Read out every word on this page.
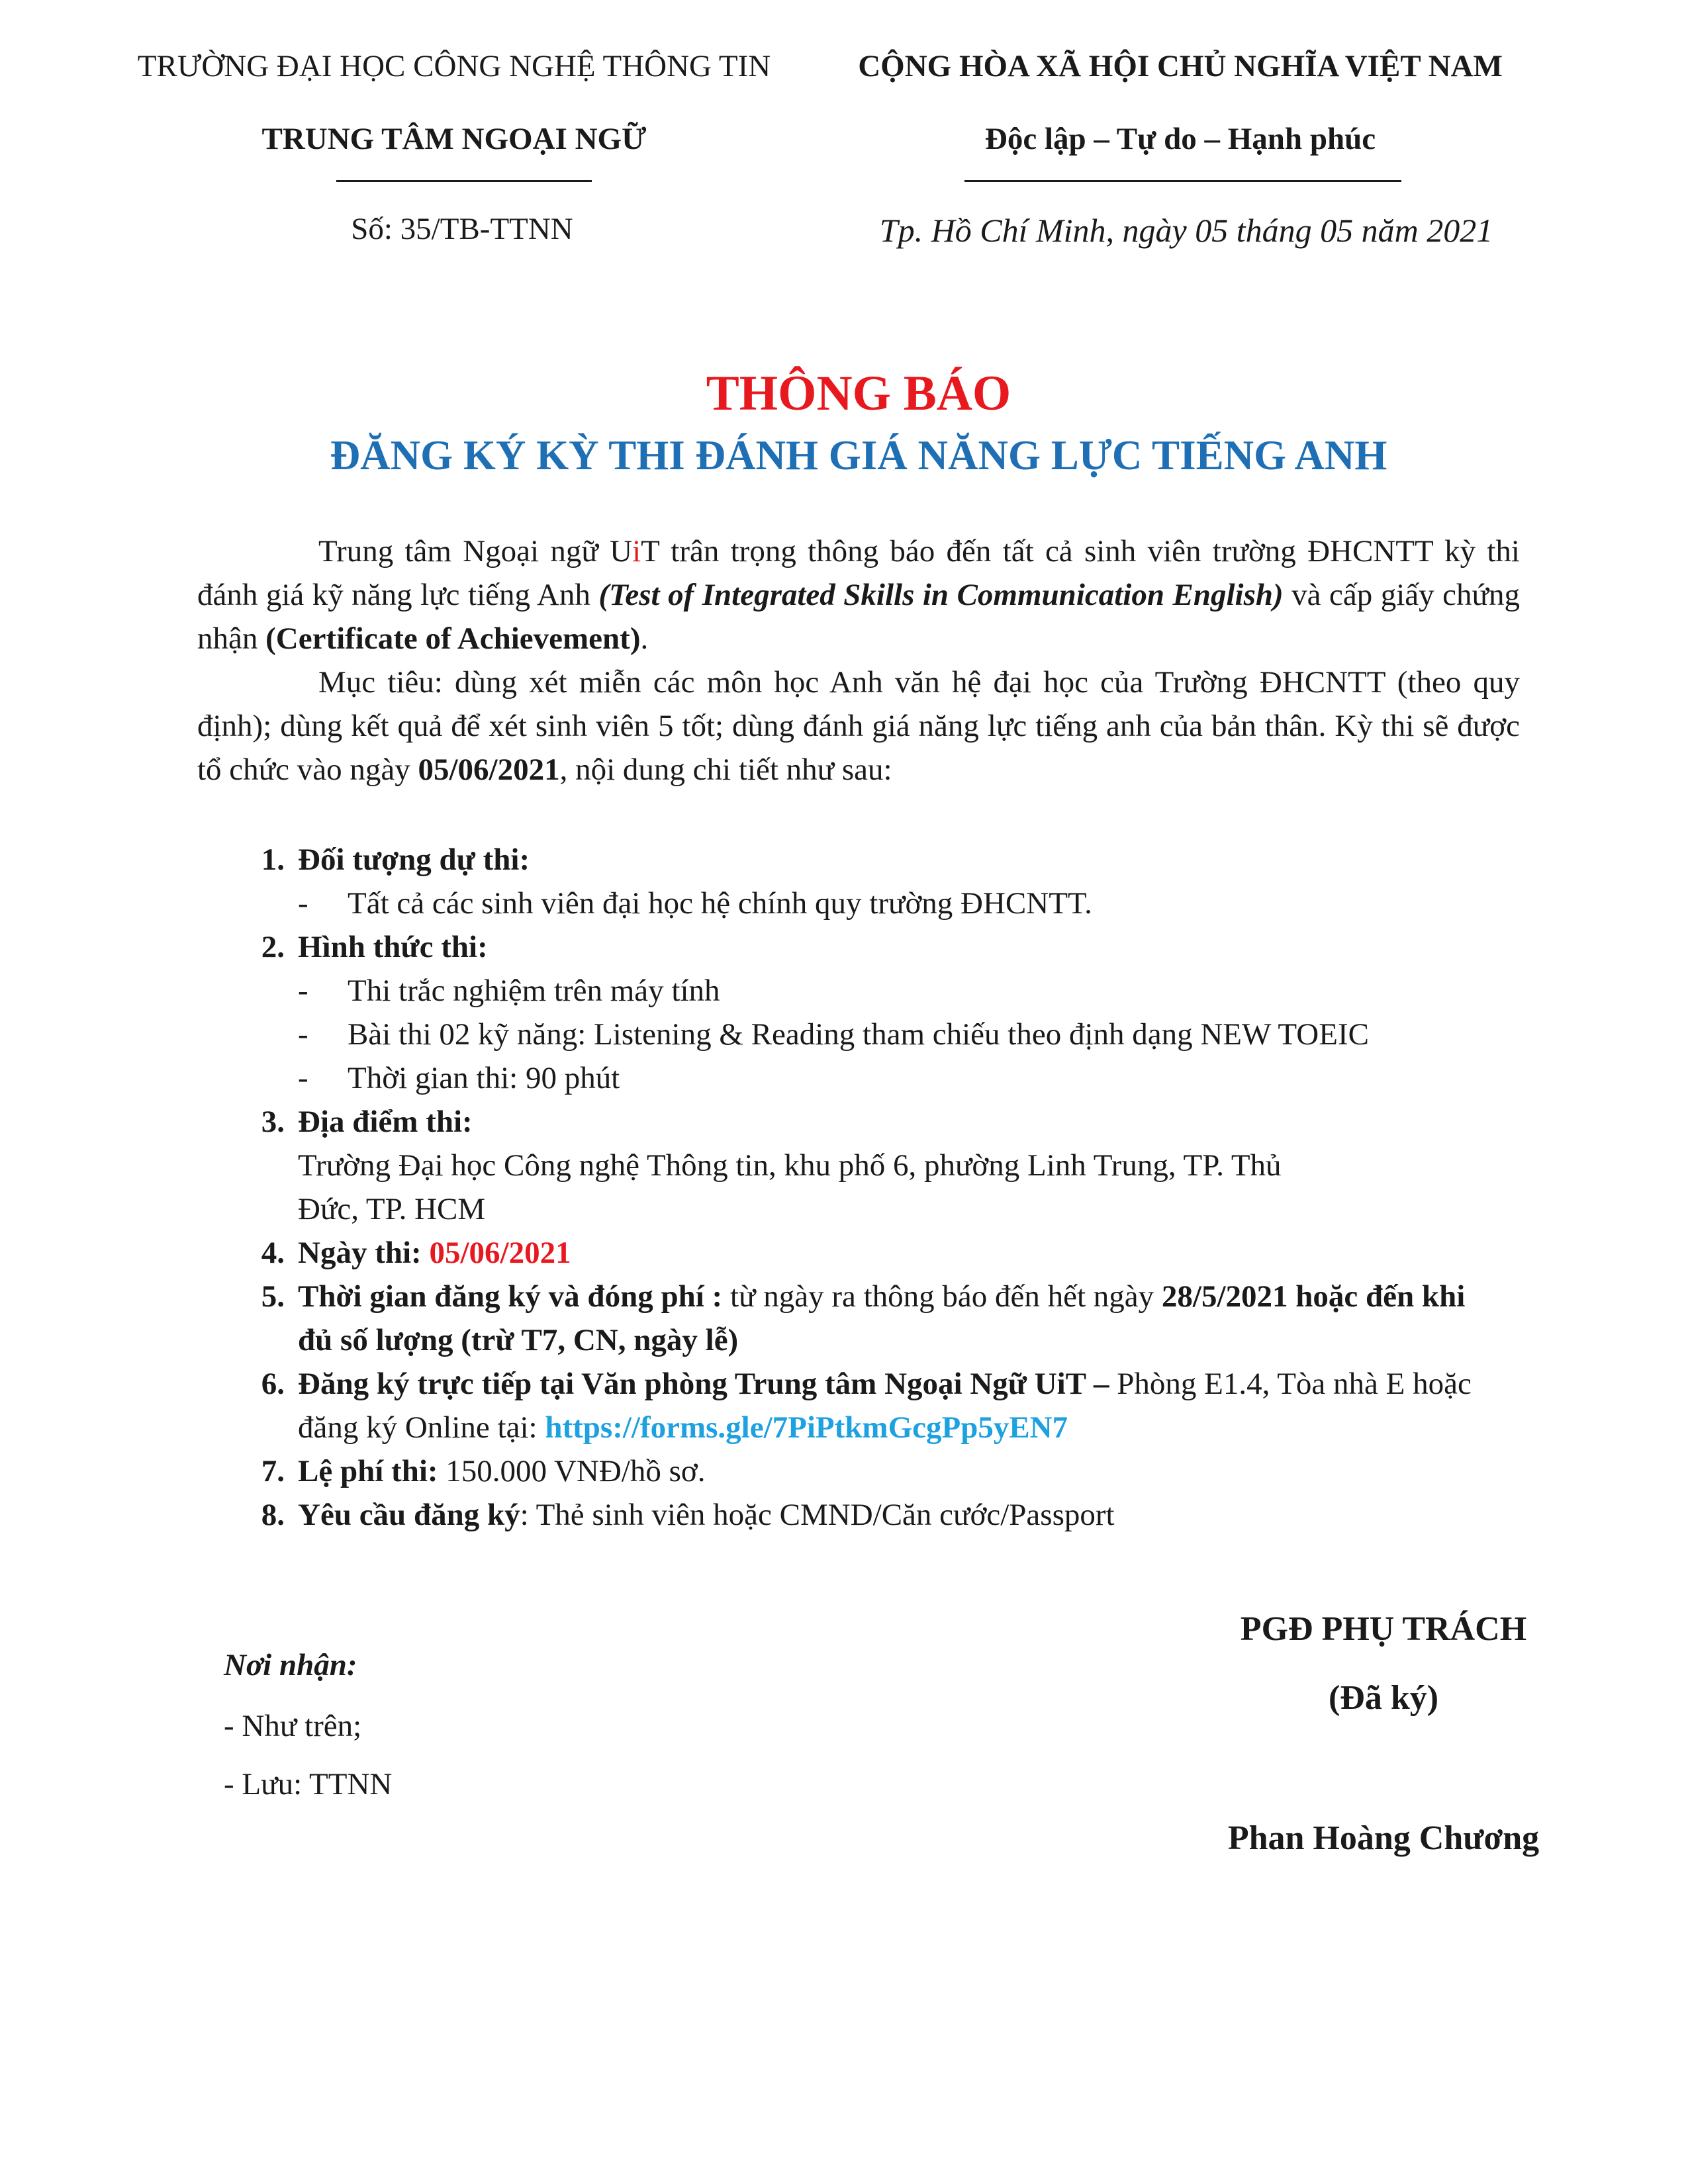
TRƯỜNG ĐẠI HỌC CÔNG NGHỆ THÔNG TIN
TRUNG TÂM NGOẠI NGỮ
Số: 35/TB-TTNN
CỘNG HÒA XÃ HỘI CHỦ NGHĨA VIỆT NAM
Độc lập – Tự do – Hạnh phúc
Tp. Hồ Chí Minh, ngày 05 tháng 05 năm 2021
THÔNG BÁO
ĐĂNG KÝ KỲ THI ĐÁNH GIÁ NĂNG LỰC TIẾNG ANH

Trung tâm Ngoại ngữ UiT trân trọng thông báo đến tất cả sinh viên trường ĐHCNTT kỳ thi đánh giá kỹ năng lực tiếng Anh (Test of Integrated Skills in Communication English) và cấp giấy chứng nhận (Certificate of Achievement).

Mục tiêu: dùng xét miễn các môn học Anh văn hệ đại học của Trường ĐHCNTT (theo quy định); dùng kết quả để xét sinh viên 5 tốt; dùng đánh giá năng lực tiếng anh của bản thân. Kỳ thi sẽ được tổ chức vào ngày 05/06/2021, nội dung chi tiết như sau:

1. Đối tượng dự thi:
- Tất cả các sinh viên đại học hệ chính quy trường ĐHCNTT.
2. Hình thức thi:
- Thi trắc nghiệm trên máy tính
- Bài thi 02 kỹ năng: Listening & Reading tham chiếu theo định dạng NEW TOEIC
- Thời gian thi: 90 phút
3. Địa điểm thi:
Trường Đại học Công nghệ Thông tin, khu phố 6, phường Linh Trung, TP. Thủ Đức, TP. HCM
4. Ngày thi: 05/06/2021
5. Thời gian đăng ký và đóng phí : từ ngày ra thông báo đến hết ngày 28/5/2021 hoặc đến khi đủ số lượng (trừ T7, CN, ngày lễ)
6. Đăng ký trực tiếp tại Văn phòng Trung tâm Ngoại Ngữ UiT – Phòng E1.4, Tòa nhà E hoặc đăng ký Online tại: https://forms.gle/7PiPtkmGcgPp5yEN7
7. Lệ phí thi: 150.000 VNĐ/hồ sơ.
8. Yêu cầu đăng ký: Thẻ sinh viên hoặc CMND/Căn cước/Passport
Nơi nhận:
- Như trên;
- Lưu: TTNN
PGĐ PHỤ TRÁCH
(Đã ký)
Phan Hoàng Chương
